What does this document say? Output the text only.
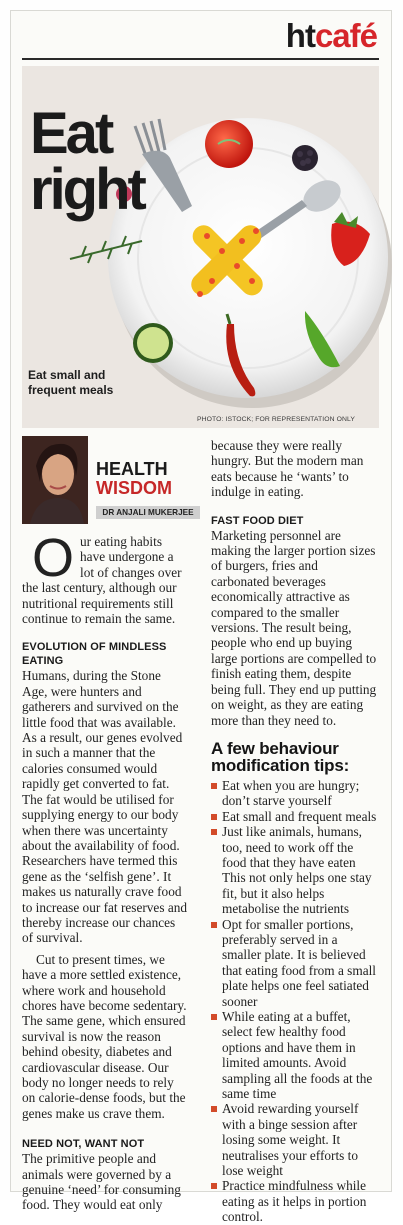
htcafé
Eat
right
Eat small and
frequent meals
PHOTO: ISTOCK; FOR REPRESENTATION ONLY
HEALTH
WISDOM
DR ANJALI MUKERJEE

Our eating habits have undergone a lot of changes over the last century, although our nutritional requirements still continue to remain the same.

EVOLUTION OF MINDLESS EATING

Humans, during the Stone Age, were hunters and gatherers and survived on the little food that was available. As a result, our genes evolved in such a manner that the calories consumed would rapidly get converted to fat. The fat would be utilised for supplying energy to our body when there was uncertainty about the availability of food. Researchers have termed this gene as the ‘selfish gene’. It makes us naturally crave food to increase our fat reserves and thereby increase our chances of survival.

Cut to present times, we have a more settled existence, where work and household chores have become sedentary. The same gene, which ensured survival is now the reason behind obesity, diabetes and cardiovascular disease. Our body no longer needs to rely on calorie-dense foods, but the genes make us crave them.

NEED NOT, WANT NOT

The primitive people and animals were governed by a genuine ‘need’ for consuming food. They would eat only

because they were really hungry. But the modern man eats because he ‘wants’ to indulge in eating.

FAST FOOD DIET

Marketing personnel are making the larger portion sizes of burgers, fries and carbonated beverages economically attractive as compared to the smaller versions. The result being, people who end up buying large portions are compelled to finish eating them, despite being full. They end up putting on weight, as they are eating more than they need to.

A few behaviour
modification tips:
Eat when you are hungry; don’t starve yourself
Eat small and frequent meals
Just like animals, humans, too, need to work off the food that they have eaten This not only helps one stay fit, but it also helps metabolise the nutrients
Opt for smaller portions, preferably served in a smaller plate. It is believed that eating food from a small plate helps one feel satiated sooner
While eating at a buffet, select few healthy food options and have them in limited amounts. Avoid sampling all the foods at the same time
Avoid rewarding yourself with a binge session after losing some weight. It neutralises your efforts to lose weight
Practice mindfulness while eating as it helps in portion control.
